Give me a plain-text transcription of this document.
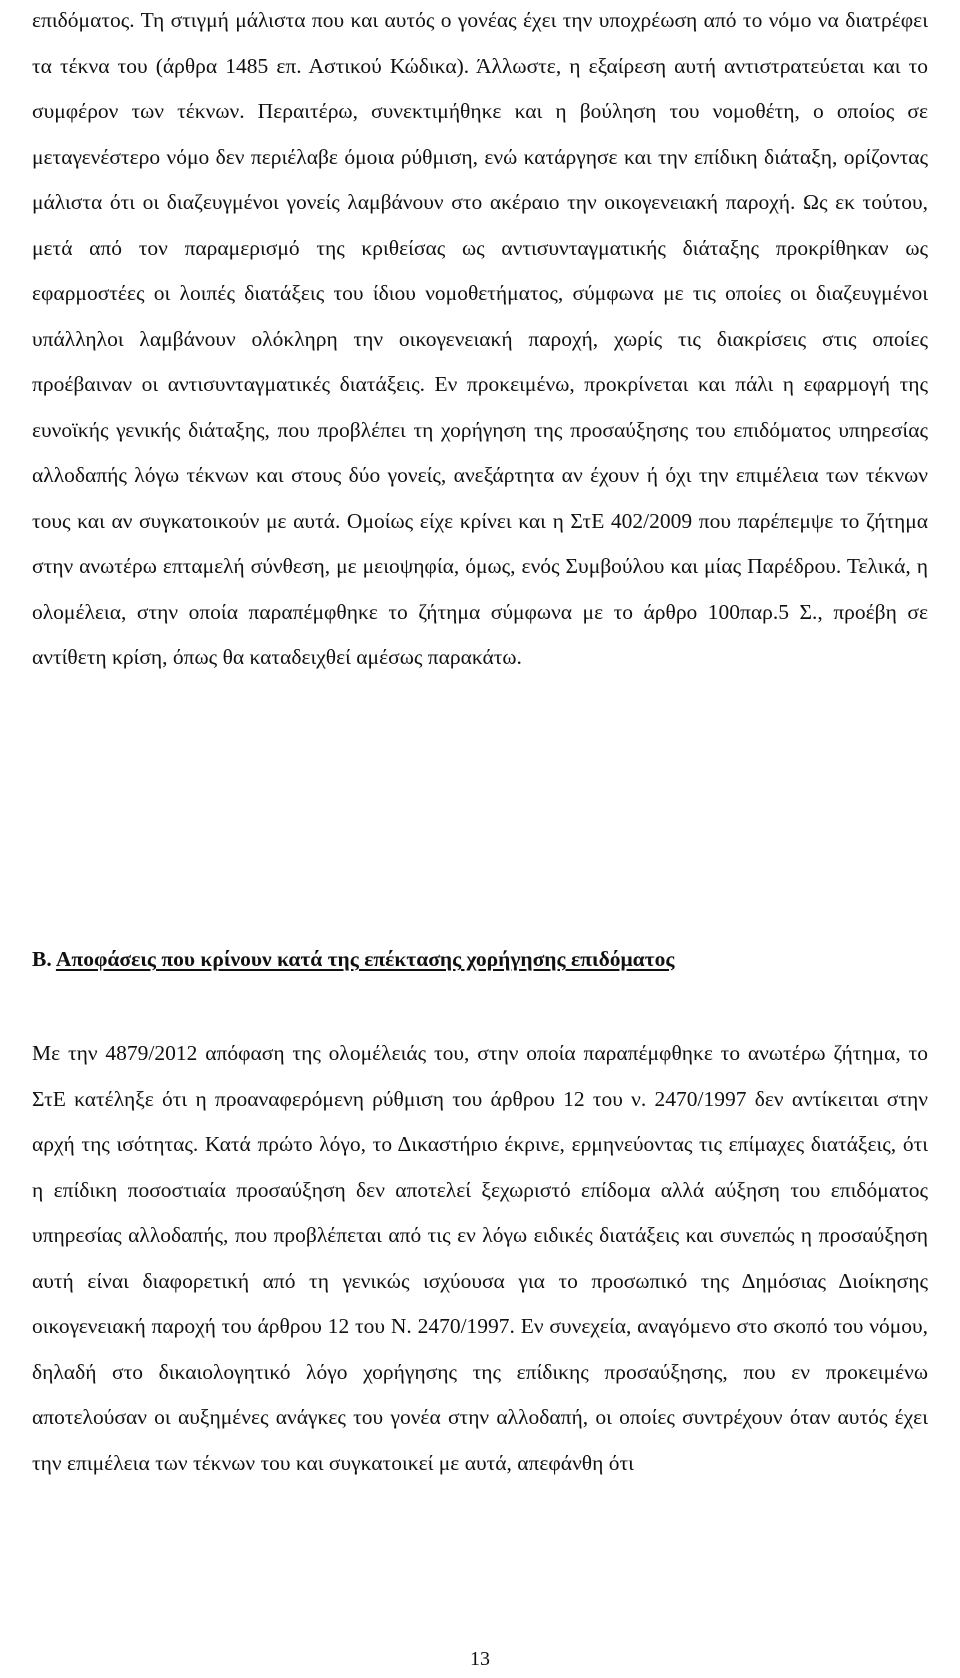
επιδόματος. Τη στιγμή μάλιστα που και αυτός ο γονέας έχει την υποχρέωση από το νόμο να διατρέφει τα τέκνα του (άρθρα 1485 επ. Αστικού Κώδικα). Άλλωστε, η εξαίρεση αυτή αντιστρατεύεται και το συμφέρον των τέκνων. Περαιτέρω, συνεκτιμήθηκε και η βούληση του νομοθέτη, ο οποίος σε μεταγενέστερο νόμο δεν περιέλαβε όμοια ρύθμιση, ενώ κατάργησε και την επίδικη διάταξη, ορίζοντας μάλιστα ότι οι διαζευγμένοι γονείς λαμβάνουν στο ακέραιο την οικογενειακή παροχή. Ως εκ τούτου, μετά από τον παραμερισμό της κριθείσας ως αντισυνταγματικής διάταξης προκρίθηκαν ως εφαρμοστέες οι λοιπές διατάξεις του ίδιου νομοθετήματος, σύμφωνα με τις οποίες οι διαζευγμένοι υπάλληλοι λαμβάνουν ολόκληρη την οικογενειακή παροχή, χωρίς τις διακρίσεις στις οποίες προέβαιναν οι αντισυνταγματικές διατάξεις. Εν προκειμένω, προκρίνεται και πάλι η εφαρμογή της ευνοϊκής γενικής διάταξης, που προβλέπει τη χορήγηση της προσαύξησης του επιδόματος υπηρεσίας αλλοδαπής λόγω τέκνων και στους δύο γονείς, ανεξάρτητα αν έχουν ή όχι την επιμέλεια των τέκνων τους και αν συγκατοικούν με αυτά. Ομοίως είχε κρίνει και η ΣτΕ 402/2009 που παρέπεμψε το ζήτημα στην ανωτέρω επταμελή σύνθεση, με μειοψηφία, όμως, ενός Συμβούλου και μίας Παρέδρου. Τελικά, η ολομέλεια, στην οποία παραπέμφθηκε το ζήτημα σύμφωνα με το άρθρο 100παρ.5 Σ., προέβη σε αντίθετη κρίση, όπως θα καταδειχθεί αμέσως παρακάτω.

Β. Αποφάσεις που κρίνουν κατά της επέκτασης χορήγησης επιδόματος

Με την 4879/2012 απόφαση της ολομέλειάς του, στην οποία παραπέμφθηκε το ανωτέρω ζήτημα, το ΣτΕ κατέληξε ότι η προαναφερόμενη ρύθμιση του άρθρου 12 του ν. 2470/1997 δεν αντίκειται στην αρχή της ισότητας. Κατά πρώτο λόγο, το Δικαστήριο έκρινε, ερμηνεύοντας τις επίμαχες διατάξεις, ότι η επίδικη ποσοστιαία προσαύξηση δεν αποτελεί ξεχωριστό επίδομα αλλά αύξηση του επιδόματος υπηρεσίας αλλοδαπής, που προβλέπεται από τις εν λόγω ειδικές διατάξεις και συνεπώς η προσαύξηση αυτή είναι διαφορετική από τη γενικώς ισχύουσα για το προσωπικό της Δημόσιας Διοίκησης οικογενειακή παροχή του άρθρου 12 του Ν. 2470/1997. Εν συνεχεία, αναγόμενο στο σκοπό του νόμου, δηλαδή στο δικαιολογητικό λόγο χορήγησης της επίδικης προσαύξησης, που εν προκειμένω αποτελούσαν οι αυξημένες ανάγκες του γονέα στην αλλοδαπή, οι οποίες συντρέχουν όταν αυτός έχει την επιμέλεια των τέκνων του και συγκατοικεί με αυτά, απεφάνθη ότι

13
